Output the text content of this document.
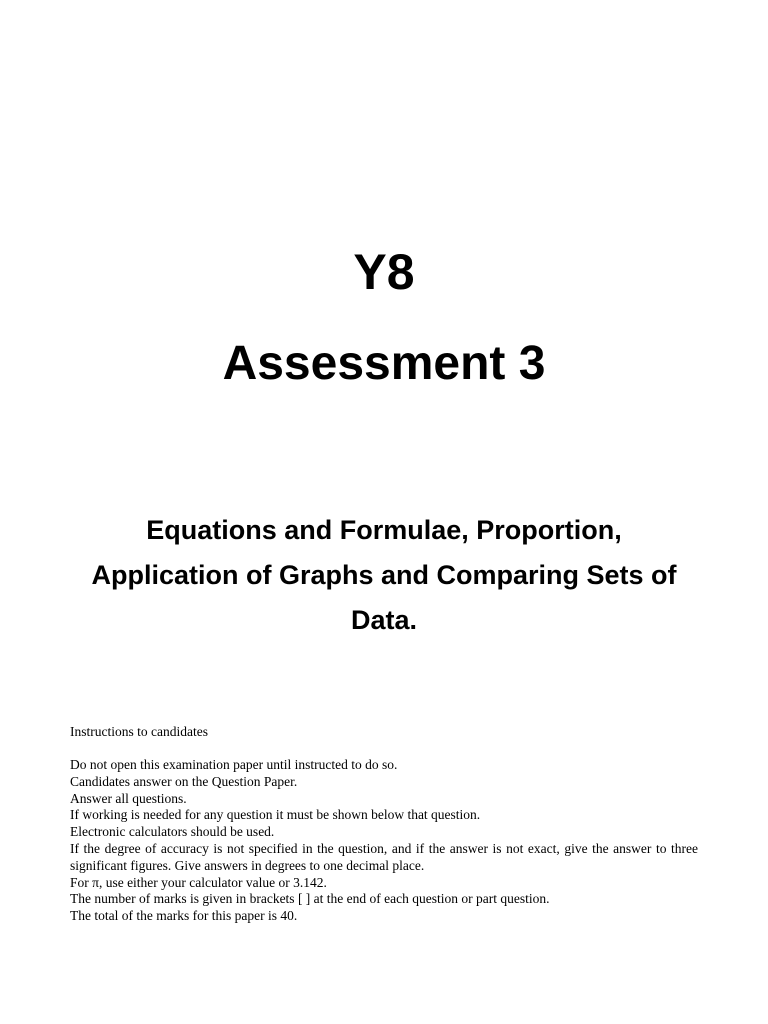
Y8
Assessment 3
Equations and Formulae, Proportion, Application of Graphs and Comparing Sets of Data.
Instructions to candidates
Do not open this examination paper until instructed to do so.
Candidates answer on the Question Paper.
Answer all questions.
If working is needed for any question it must be shown below that question.
Electronic calculators should be used.
If the degree of accuracy is not specified in the question, and if the answer is not exact, give the answer to three significant figures. Give answers in degrees to one decimal place.
For π, use either your calculator value or 3.142.
The number of marks is given in brackets [ ] at the end of each question or part question.
The total of the marks for this paper is 40.
